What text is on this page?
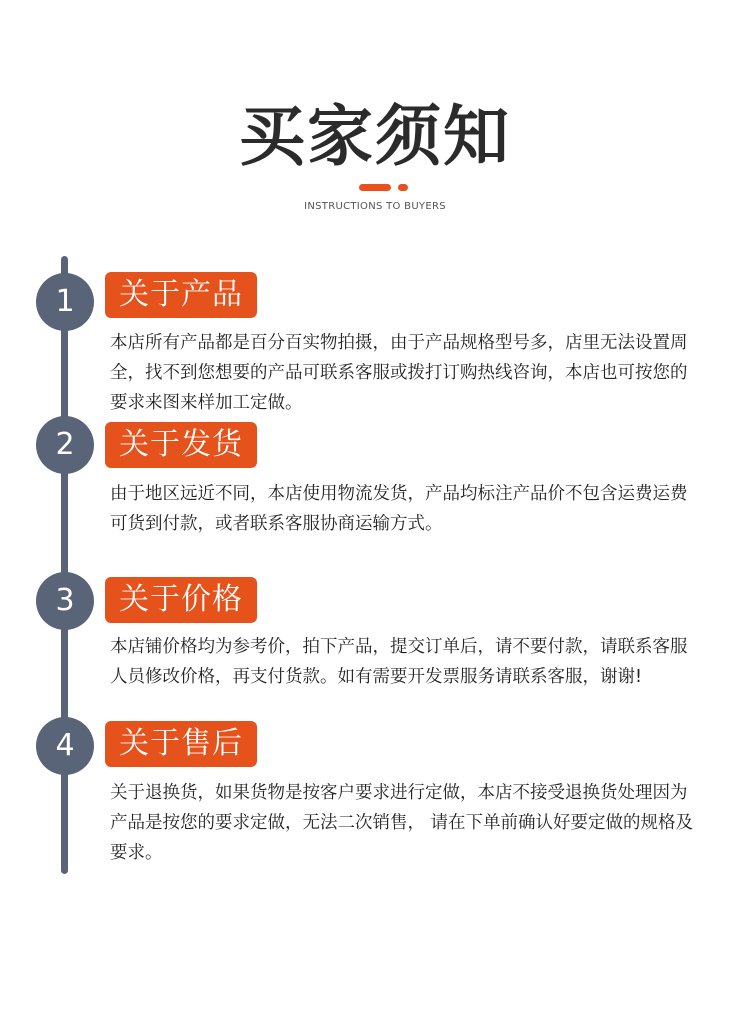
买家须知
INSTRUCTIONS TO BUYERS
1	关于产品
本店所有产品都是百分百实物拍摄，由于产品规格型号多，店里无法设置周全，找不到您想要的产品可联系客服或拨打订购热线咨询，本店也可按您的要求来图来样加工定做。
2	关于发货
由于地区远近不同，本店使用物流发货，产品均标注产品价不包含运费运费可货到付款，或者联系客服协商运输方式。
3	关于价格
本店铺价格均为参考价，拍下产品，提交订单后，请不要付款，请联系客服人员修改价格，再支付货款。如有需要开发票服务请联系客服，谢谢!
4	关于售后
关于退换货，如果货物是按客户要求进行定做，本店不接受退换货处理因为产品是按您的要求定做，无法二次销售， 请在下单前确认好要定做的规格及要求。
